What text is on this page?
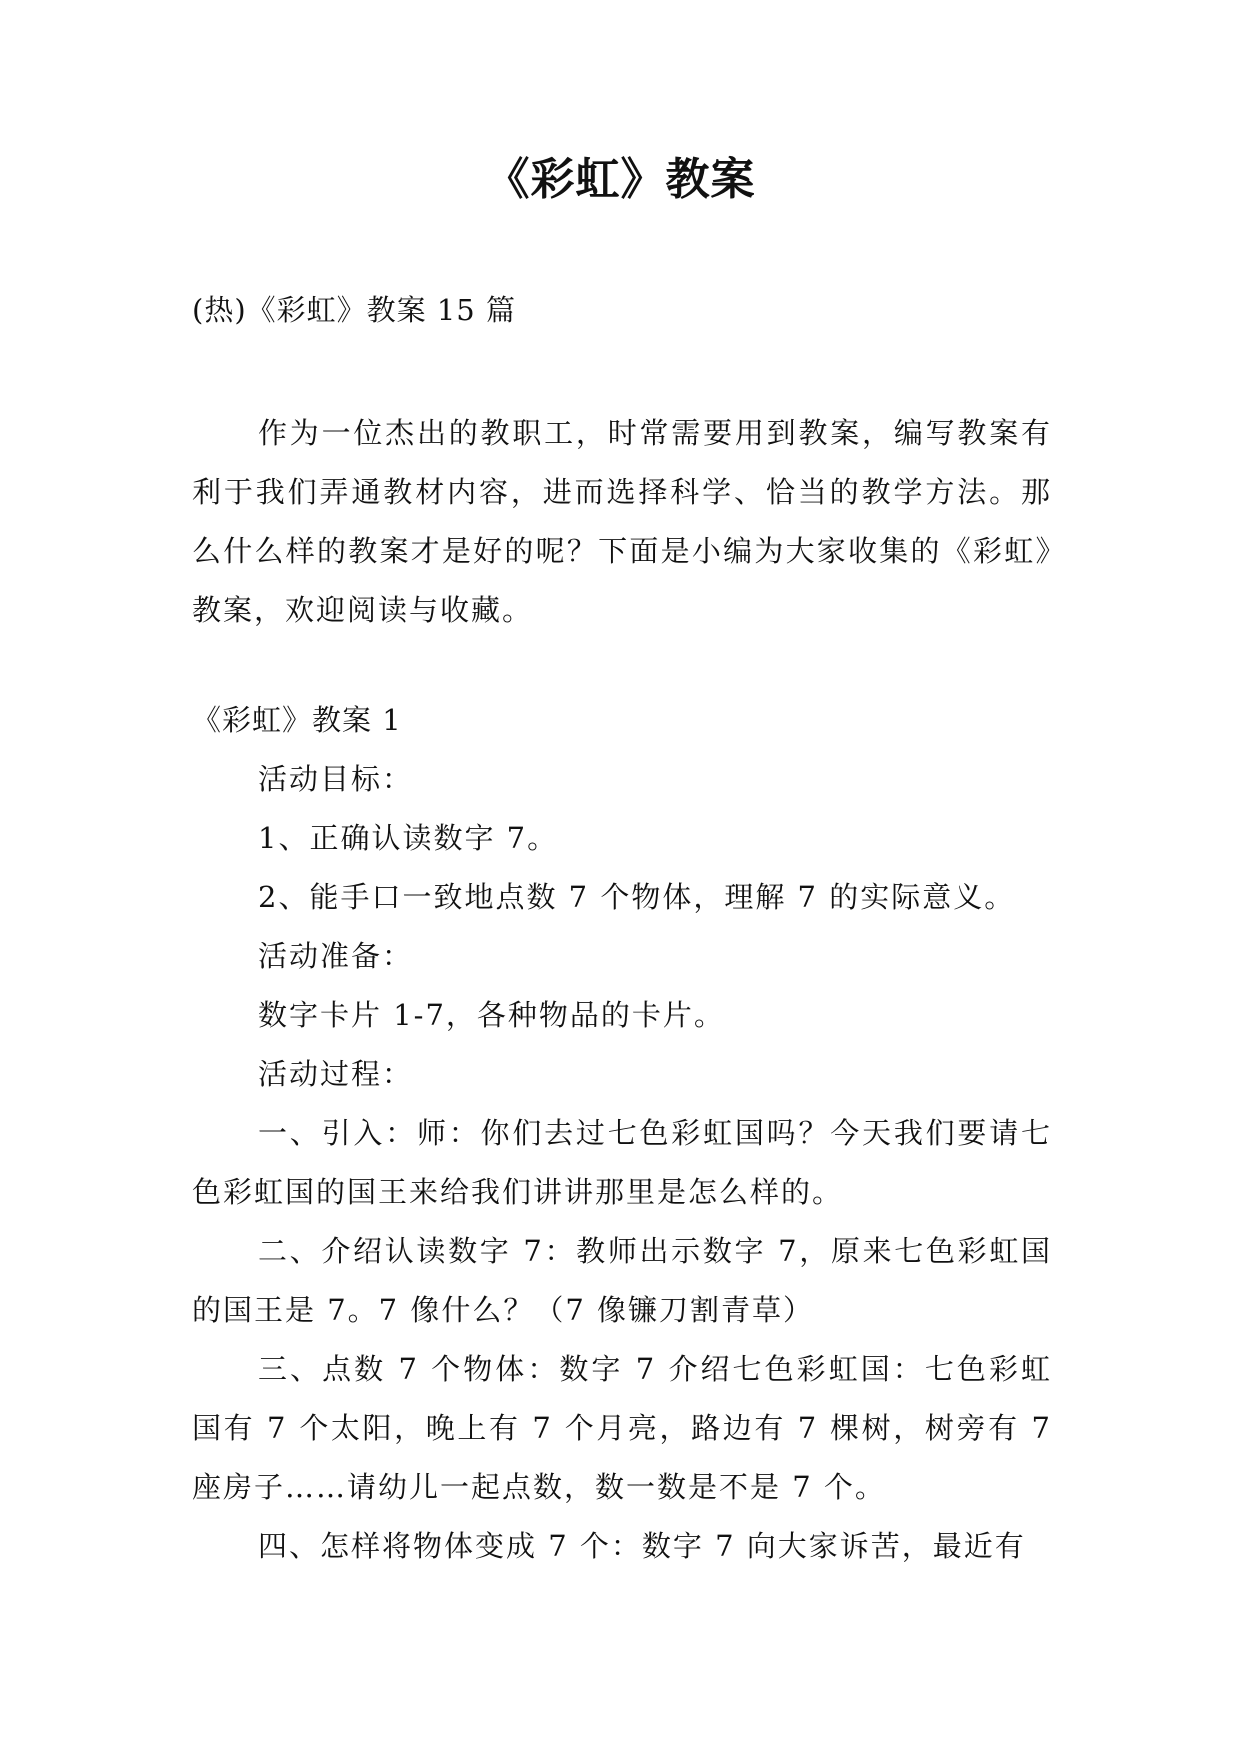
《彩虹》教案
(热)《彩虹》教案 15 篇

作为一位杰出的教职工，时常需要用到教案，编写教案有利于我们弄通教材内容，进而选择科学、恰当的教学方法。那么什么样的教案才是好的呢？下面是小编为大家收集的《彩虹》教案，欢迎阅读与收藏。

《彩虹》教案 1

活动目标：

1、正确认读数字 7。

2、能手口一致地点数 7 个物体，理解 7 的实际意义。

活动准备：

数字卡片 1-7，各种物品的卡片。

活动过程：

一、引入：师：你们去过七色彩虹国吗？今天我们要请七色彩虹国的国王来给我们讲讲那里是怎么样的。

二、介绍认读数字 7：教师出示数字 7，原来七色彩虹国的国王是 7。7 像什么？（7 像镰刀割青草）

三、点数 7 个物体：数字 7 介绍七色彩虹国：七色彩虹国有 7 个太阳，晚上有 7 个月亮，路边有 7 棵树，树旁有 7 座房子……请幼儿一起点数，数一数是不是 7 个。

四、怎样将物体变成 7 个：数字 7 向大家诉苦，最近有
